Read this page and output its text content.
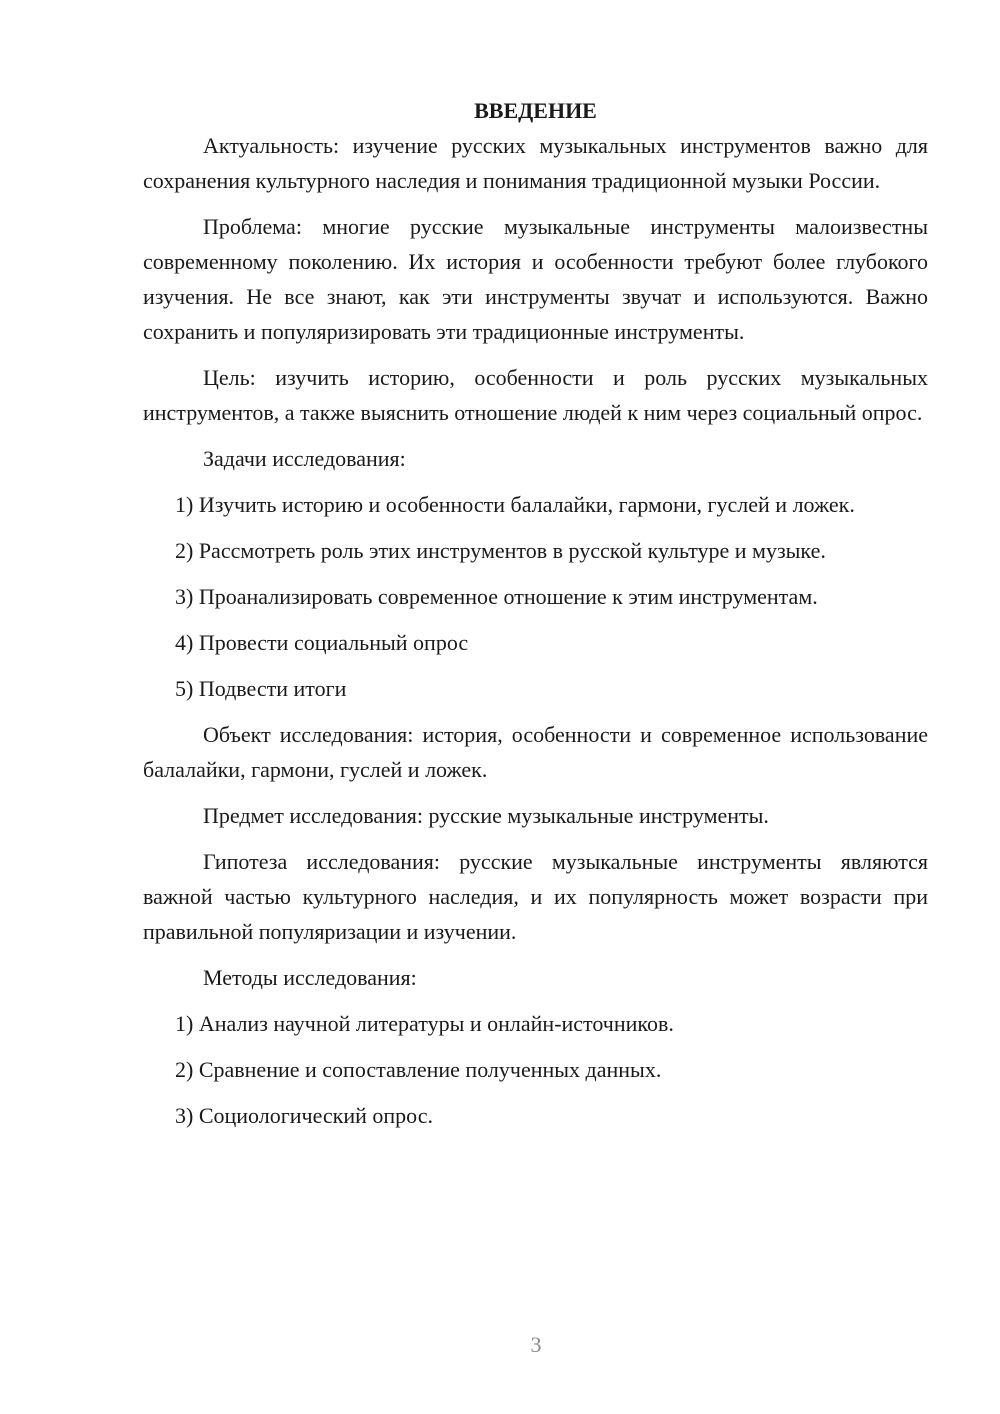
ВВЕДЕНИЕ

Актуальность: изучение русских музыкальных инструментов важно для сохранения культурного наследия и понимания традиционной музыки России.

Проблема: многие русские музыкальные инструменты малоизвестны современному поколению. Их история и особенности требуют более глубокого изучения. Не все знают, как эти инструменты звучат и используются. Важно сохранить и популяризировать эти традиционные инструменты.

Цель: изучить историю, особенности и роль русских музыкальных инструментов, а также выяснить отношение людей к ним через социальный опрос.

Задачи исследования:

1) Изучить историю и особенности балалайки, гармони, гуслей и ложек.

2) Рассмотреть роль этих инструментов в русской культуре и музыке.

3) Проанализировать современное отношение к этим инструментам.

4) Провести социальный опрос

5) Подвести итоги

Объект исследования: история, особенности и современное использование балалайки, гармони, гуслей и ложек.

Предмет исследования: русские музыкальные инструменты.

Гипотеза исследования: русские музыкальные инструменты являются важной частью культурного наследия, и их популярность может возрасти при правильной популяризации и изучении.

Методы исследования:

1) Анализ научной литературы и онлайн-источников.

2) Сравнение и сопоставление полученных данных.

3) Социологический опрос.

3
